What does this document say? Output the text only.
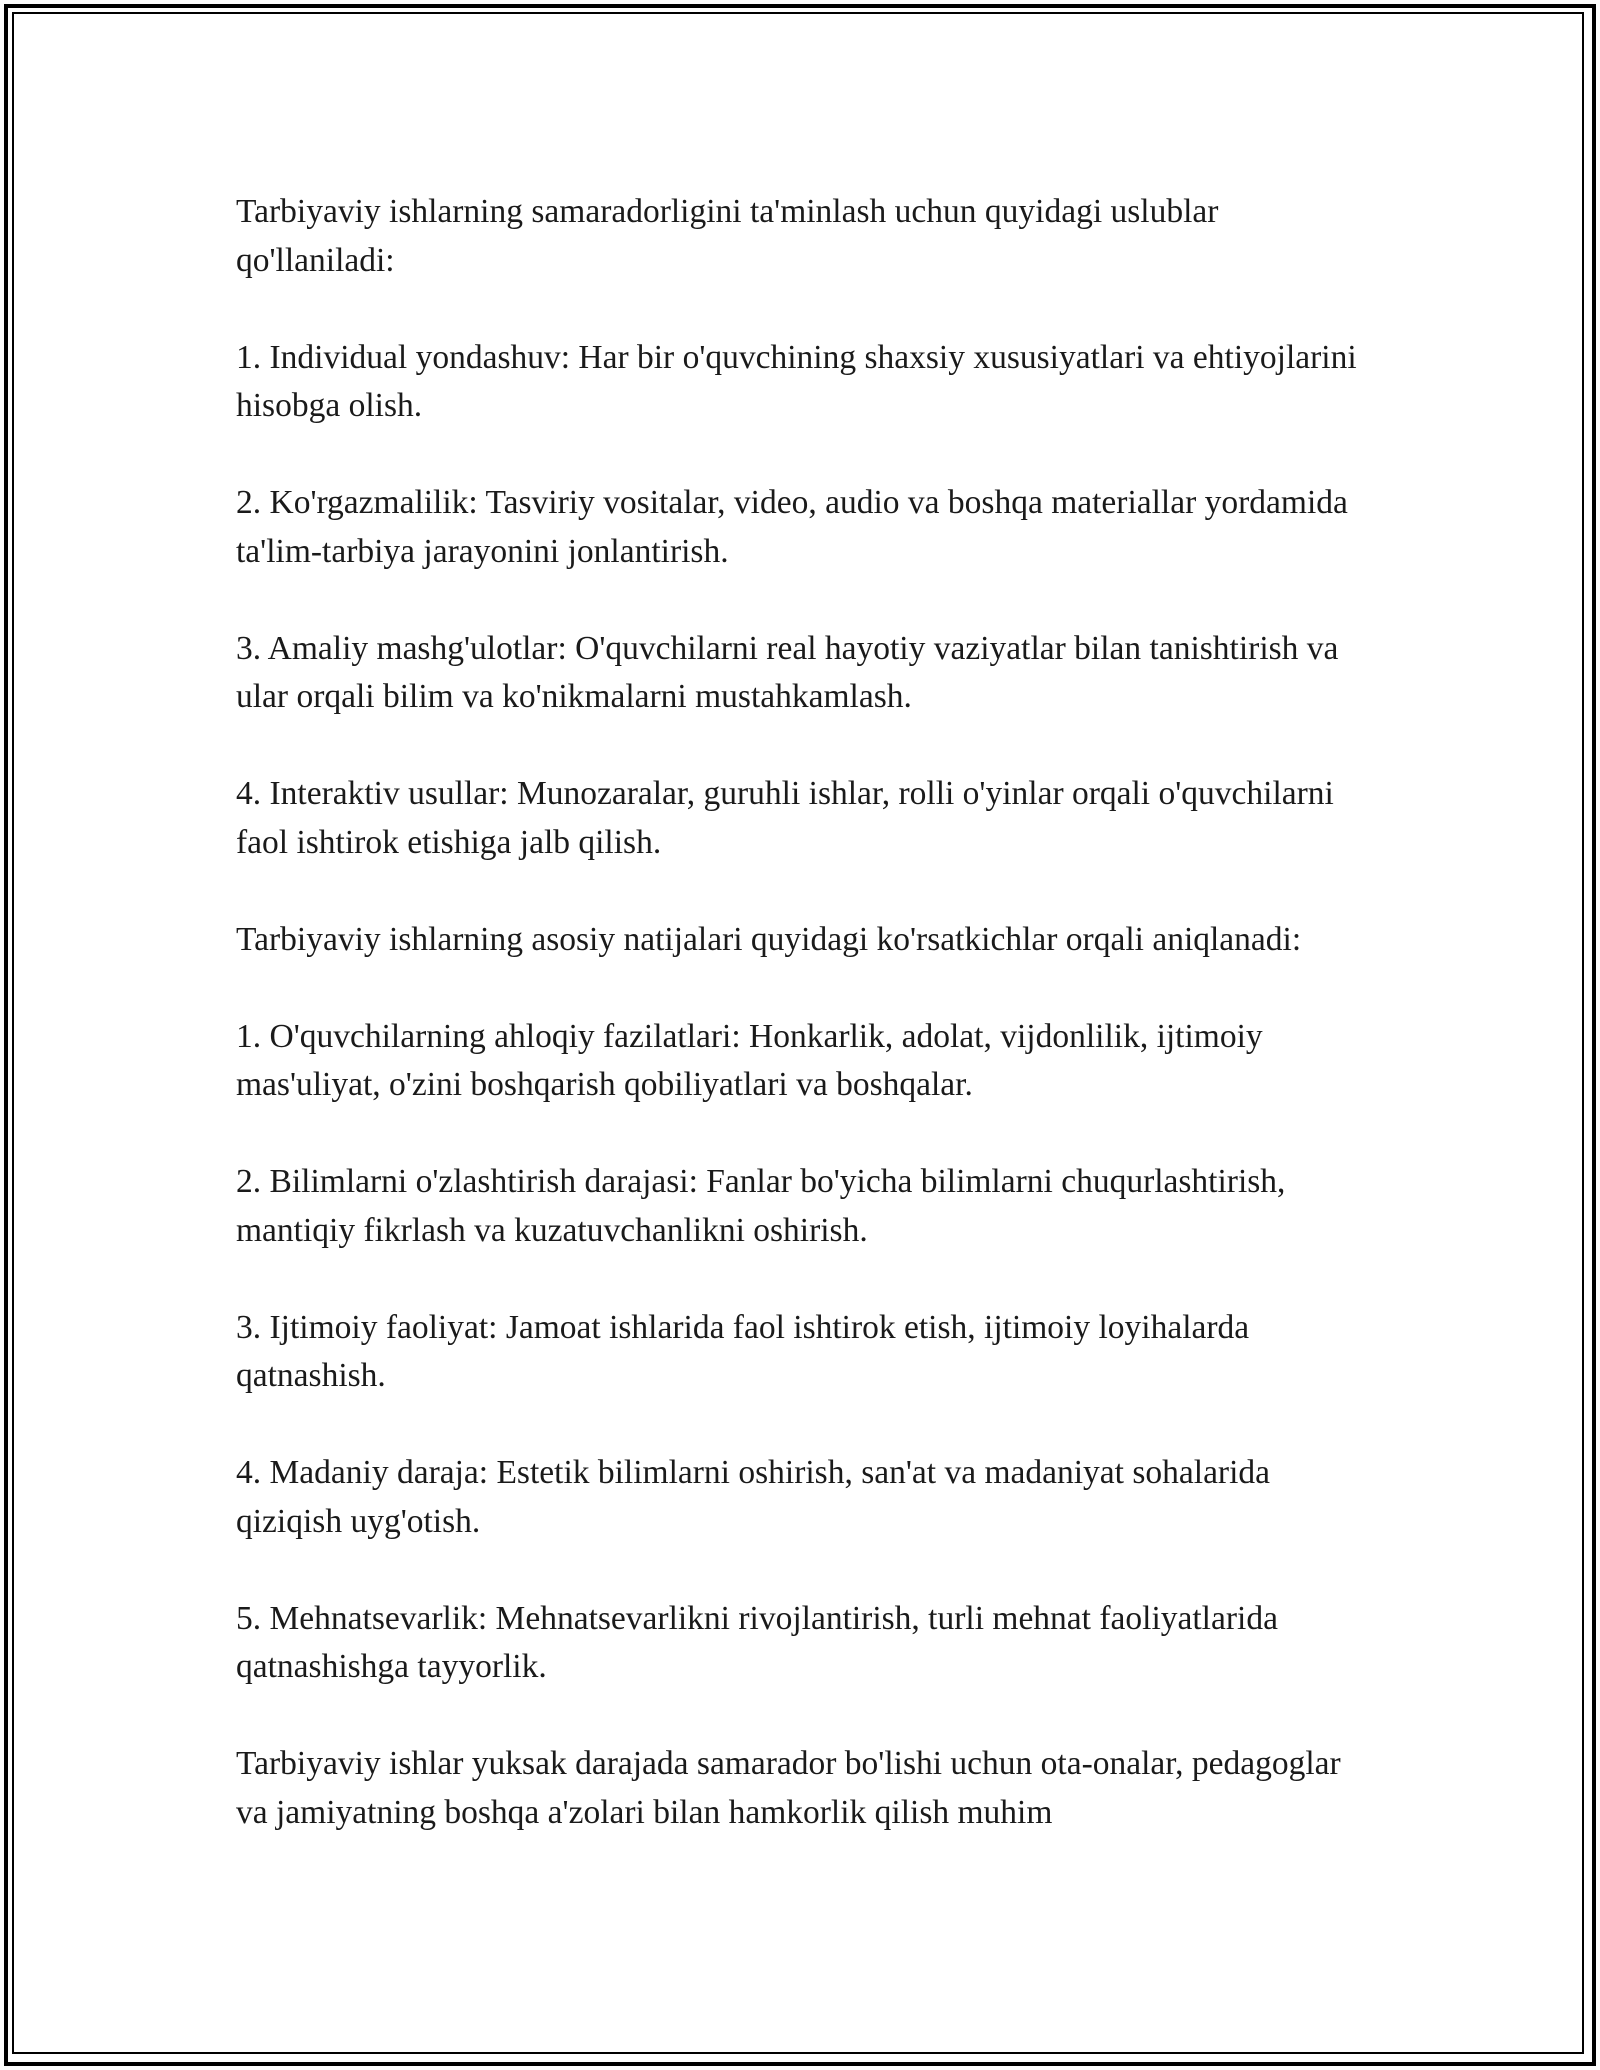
Tarbiyaviy ishlarning samaradorligini ta'minlash uchun quyidagi uslublar qo'llaniladi:

1. Individual yondashuv: Har bir o'quvchining shaxsiy xususiyatlari va ehtiyojlarini hisobga olish.

2. Ko'rgazmalilik: Tasviriy vositalar, video, audio va boshqa materiallar yordamida ta'lim-tarbiya jarayonini jonlantirish.

3. Amaliy mashg'ulotlar: O'quvchilarni real hayotiy vaziyatlar bilan tanishtirish va ular orqali bilim va ko'nikmalarni mustahkamlash.

4. Interaktiv usullar: Munozaralar, guruhli ishlar, rolli o'yinlar orqali o'quvchilarni faol ishtirok etishiga jalb qilish.

Tarbiyaviy ishlarning asosiy natijalari quyidagi ko'rsatkichlar orqali aniqlanadi:

1. O'quvchilarning ahloqiy fazilatlari: Honkarlik, adolat, vijdonlilik, ijtimoiy mas'uliyat, o'zini boshqarish qobiliyatlari va boshqalar.

2. Bilimlarni o'zlashtirish darajasi: Fanlar bo'yicha bilimlarni chuqurlashtirish, mantiqiy fikrlash va kuzatuvchanlikni oshirish.

3. Ijtimoiy faoliyat: Jamoat ishlarida faol ishtirok etish, ijtimoiy loyihalarda qatnashish.

4. Madaniy daraja: Estetik bilimlarni oshirish, san'at va madaniyat sohalarida qiziqish uyg'otish.

5. Mehnatsevarlik: Mehnatsevarlikni rivojlantirish, turli mehnat faoliyatlarida qatnashishga tayyorlik.

Tarbiyaviy ishlar yuksak darajada samarador bo'lishi uchun ota-onalar, pedagoglar va jamiyatning boshqa a'zolari bilan hamkorlik qilish muhim
